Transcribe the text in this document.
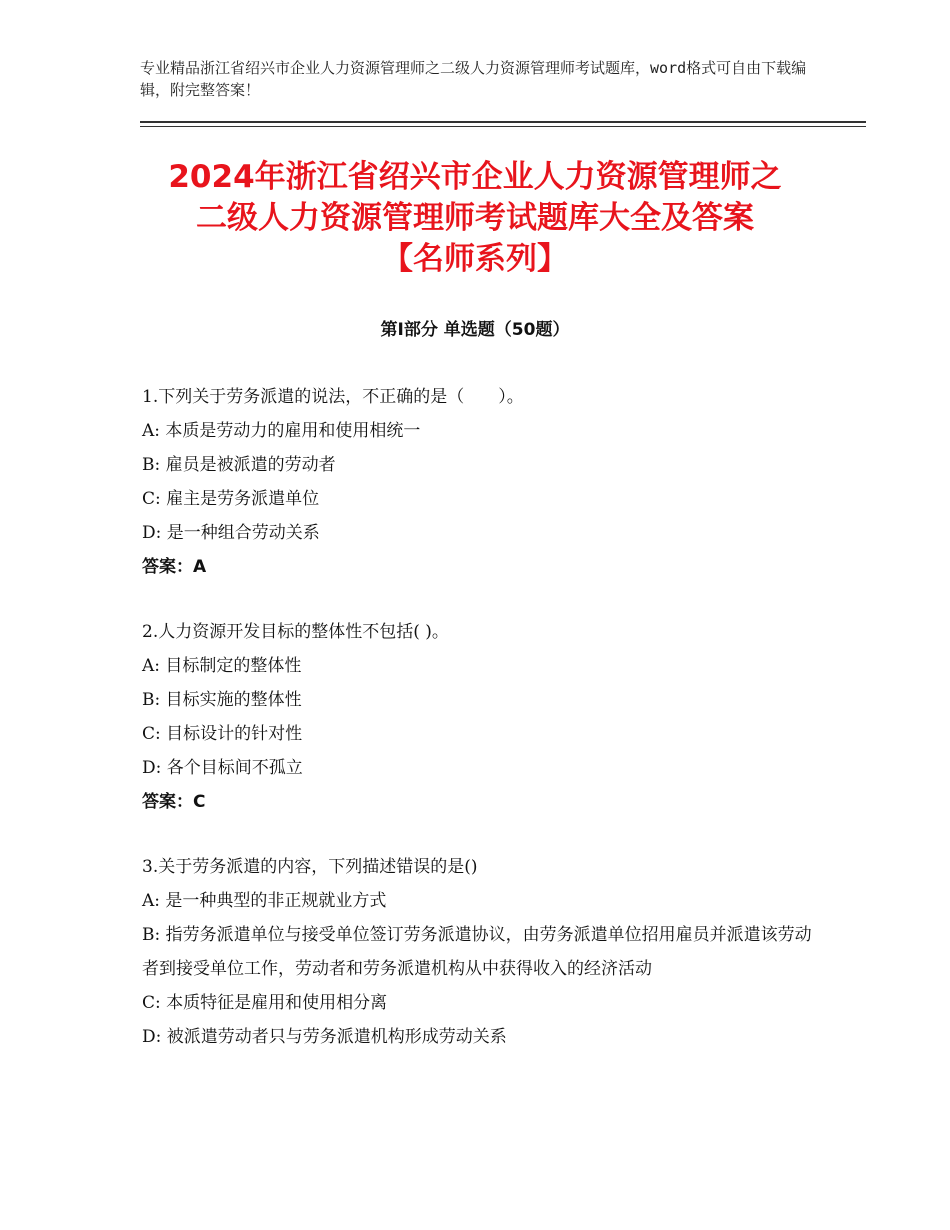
专业精品浙江省绍兴市企业人力资源管理师之二级人力资源管理师考试题库，word格式可自由下载编辑，附完整答案！
2024年浙江省绍兴市企业人力资源管理师之
二级人力资源管理师考试题库大全及答案
【名师系列】
第Ⅰ部分 单选题（50题）
1.下列关于劳务派遣的说法，不正确的是（　　）。
A: 本质是劳动力的雇用和使用相统一
B: 雇员是被派遣的劳动者
C: 雇主是劳务派遣单位
D: 是一种组合劳动关系
答案：A
2.人力资源开发目标的整体性不包括( )。
A: 目标制定的整体性
B: 目标实施的整体性
C: 目标设计的针对性
D: 各个目标间不孤立
答案：C
3.关于劳务派遣的内容，下列描述错误的是()
A: 是一种典型的非正规就业方式
B: 指劳务派遣单位与接受单位签订劳务派遣协议，由劳务派遣单位招用雇员并派遣该劳动者到接受单位工作，劳动者和劳务派遣机构从中获得收入的经济活动
C: 本质特征是雇用和使用相分离
D: 被派遣劳动者只与劳务派遣机构形成劳动关系
